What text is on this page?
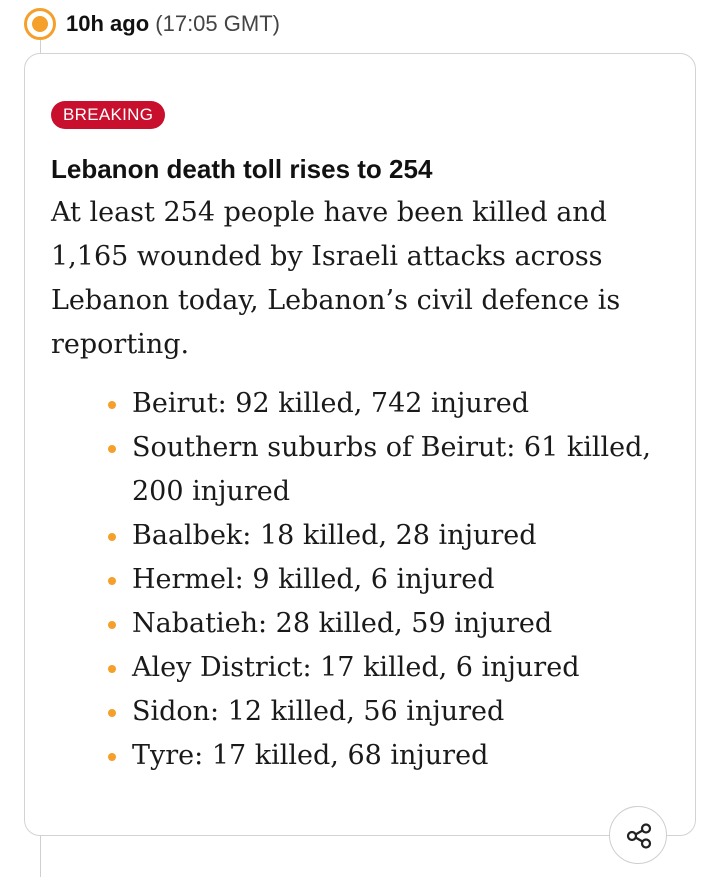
10h ago (17:05 GMT)
BREAKING
Lebanon death toll rises to 254

At least 254 people have been killed and 1,165 wounded by Israeli attacks across Lebanon today, Lebanon’s civil defence is reporting.

Beirut: 92 killed, 742 injured
Southern suburbs of Beirut: 61 killed, 200 injured
Baalbek: 18 killed, 28 injured
Hermel: 9 killed, 6 injured
Nabatieh: 28 killed, 59 injured
Aley District: 17 killed, 6 injured
Sidon: 12 killed, 56 injured
Tyre: 17 killed, 68 injured
